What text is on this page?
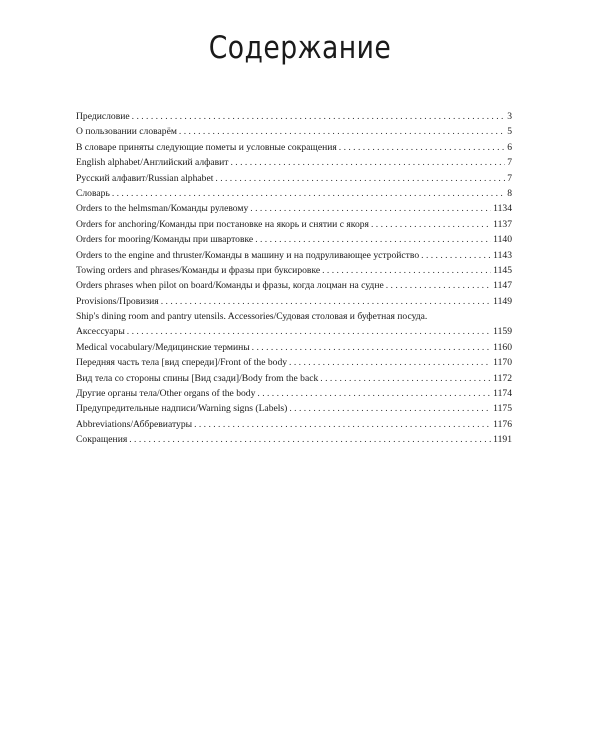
Содержание
Предисловие . . .	3
О пользовании словарём . . .	5
В словаре приняты следующие пометы и условные сокращения . . .	6
English alphabet/Английский алфавит . . .	7
Русский алфавит/Russian alphabet . . .	7
Словарь . . .	8
Orders to the helmsman/Команды рулевому . . .	1134
Orders for anchoring/Команды при постановке на якорь и снятии с якоря . . .	1137
Orders for mooring/Команды при швартовке . . .	1140
Orders to the engine and thruster/Команды в машину и на подруливающее устройство . . .	1143
Towing orders and phrases/Команды и фразы при буксировке . . .	1145
Orders phrases when pilot on board/Команды и фразы, когда лоцман на судне . . .	1147
Provisions/Провизия . . .	1149
Ship's dining room and pantry utensils. Accessories/Судовая столовая и буфетная посуда.
Аксессуары . . .	1159
Medical vocabulary/Медицинские термины . . .	1160
Передняя часть тела [вид спереди]/Front of the body . . .	1170
Вид тела со стороны спины [Вид сзади]/Body from the back . . .	1172
Другие органы тела/Other organs of the body . . .	1174
Предупредительные надписи/Warning signs (Labels) . . .	1175
Abbreviations/Аббревиатуры . . .	1176
Сокращения . . .	1191
